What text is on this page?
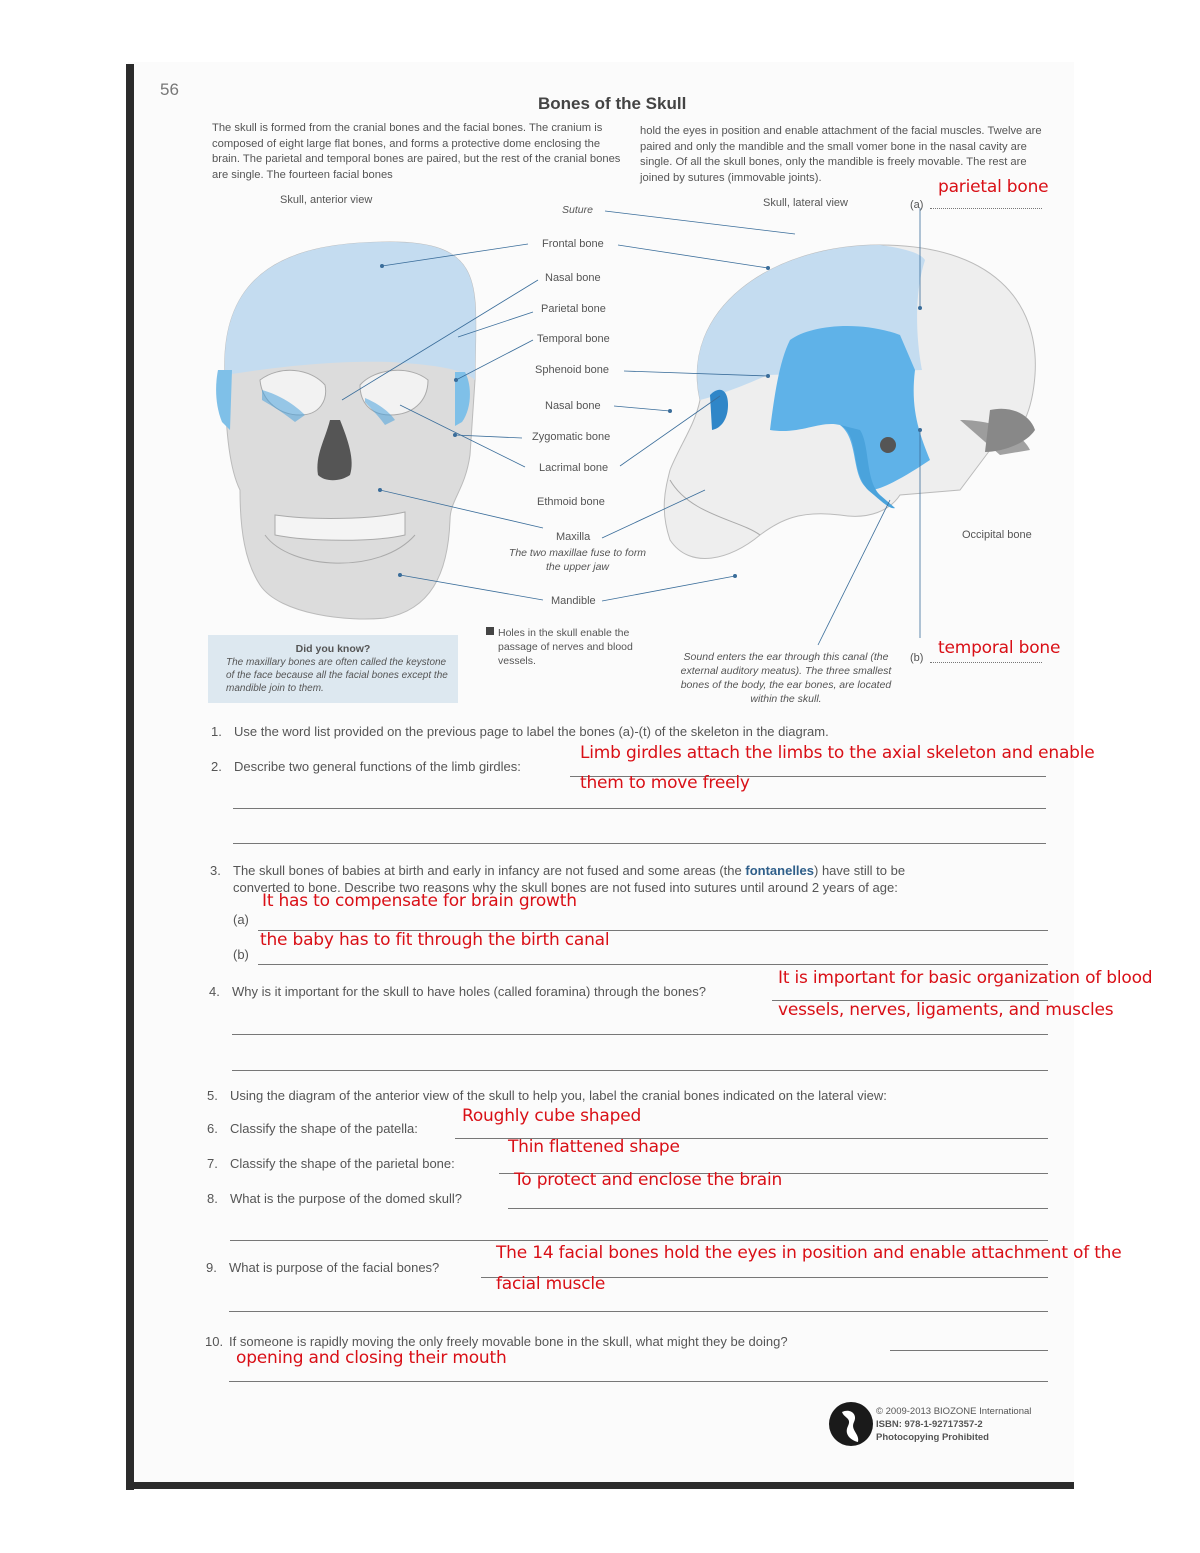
56
Bones of the Skull
The skull is formed from the cranial bones and the facial bones. The cranium is composed of eight large flat bones, and forms a protective dome enclosing the brain. The parietal and temporal bones are paired, but the rest of the cranial bones are single. The fourteen facial bones
hold the eyes in position and enable attachment of the facial muscles. Twelve are paired and only the mandible and the small vomer bone in the nasal cavity are single. Of all the skull bones, only the mandible is freely movable. The rest are joined by sutures (immovable joints).
Skull, anterior view	Skull, lateral view
Suture
Frontal bone
Nasal bone
Parietal bone
Temporal bone
Sphenoid bone
Nasal bone
Zygomatic bone
Lacrimal bone
Ethmoid bone
Maxilla
The two maxillae fuse to form the upper jaw
Mandible
Occipital bone
(a)
parietal bone
(b) temporal bone
Holes in the skull enable the passage of nerves and blood vessels.	Sound enters the ear through this canal (the external auditory meatus). The three smallest bones of the body, the ear bones, are located within the skull.
Did you know?
The maxillary bones are often called the keystone of the face because all the facial bones except the mandible join to them.
1. Use the word list provided on the previous page to label the bones (a)-(t) of the skeleton in the diagram.
2. Describe two general functions of the limb girdles:
Limb girdles attach the limbs to the axial skeleton and enable
them to move freely
3. The skull bones of babies at birth and early in infancy are not fused and some areas (the fontanelles) have still to be
converted to bone. Describe two reasons why the skull bones are not fused into sutures until around 2 years of age:
It has to compensate for brain growth
(a)
the baby has to fit through the birth canal
(b)
4. Why is it important for the skull to have holes (called foramina) through the bones?
It is important for basic organization of blood
vessels, nerves, ligaments, and muscles
5. Using the diagram of the anterior view of the skull to help you, label the cranial bones indicated on the lateral view:
6. Classify the shape of the patella:
Roughly cube shaped
7. Classify the shape of the parietal bone:
Thin flattened shape
8. What is the purpose of the domed skull?
To protect and enclose the brain
9. What is purpose of the facial bones?
The 14 facial bones hold the eyes in position and enable attachment of the
facial muscle
10. If someone is rapidly moving the only freely movable bone in the skull, what might they be doing?
opening and closing their mouth
© 2009-2013 BIOZONE International
ISBN: 978-1-92717357-2
Photocopying Prohibited
